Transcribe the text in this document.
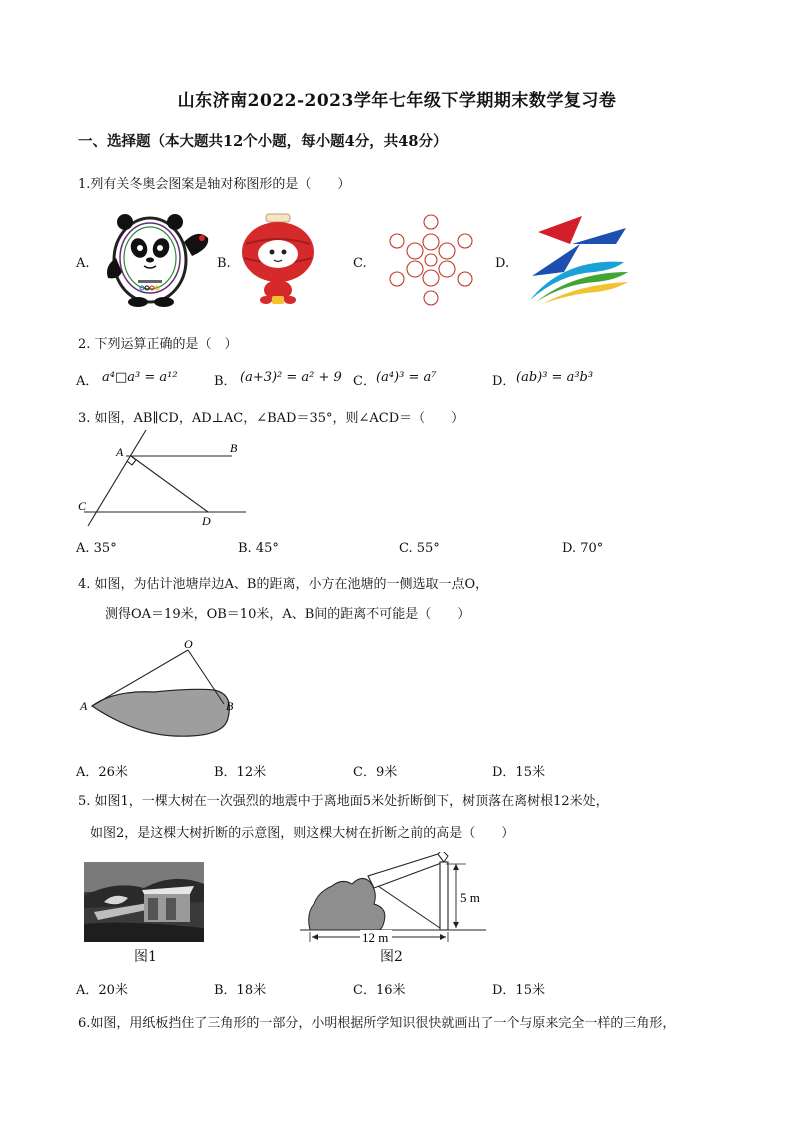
山东济南2022-2023学年七年级下学期期末数学复习卷
一、选择题（本大题共12个小题，每小题4分，共48分）
1.列有关冬奥会图案是轴对称图形的是（　　）
A.	B.	C.	D.
2. 下列运算正确的是（　）
A． a⁴□a³ = a¹²	B． (a+3)² = a² + 9 C． (a⁴)³ = a⁷	D． (ab)³ = a³b³
3. 如图，AB∥CD，AD⊥AC，∠BAD＝35°，则∠ACD＝（　　）
A	B
C
D
A. 35°	B. 45°	C. 55°	D. 70°
4. 如图，为估计池塘岸边A、B的距离，小方在池塘的一侧选取一点O，
测得OA＝19米，OB＝10米，A、B间的距离不可能是（　　）
O
A	B
A．26米	B．12米	C．9米	D．15米
5. 如图1，一棵大树在一次强烈的地震中于离地面5米处折断倒下，树顶落在离树根12米处，
如图2，是这棵大树折断的示意图，则这棵大树在折断之前的高是（　　）
图1
5 m
12 m
图2
A．20米	B．18米	C．16米	D．15米
6.如图，用纸板挡住了三角形的一部分，小明根据所学知识很快就画出了一个与原来完全一样的三角形，
